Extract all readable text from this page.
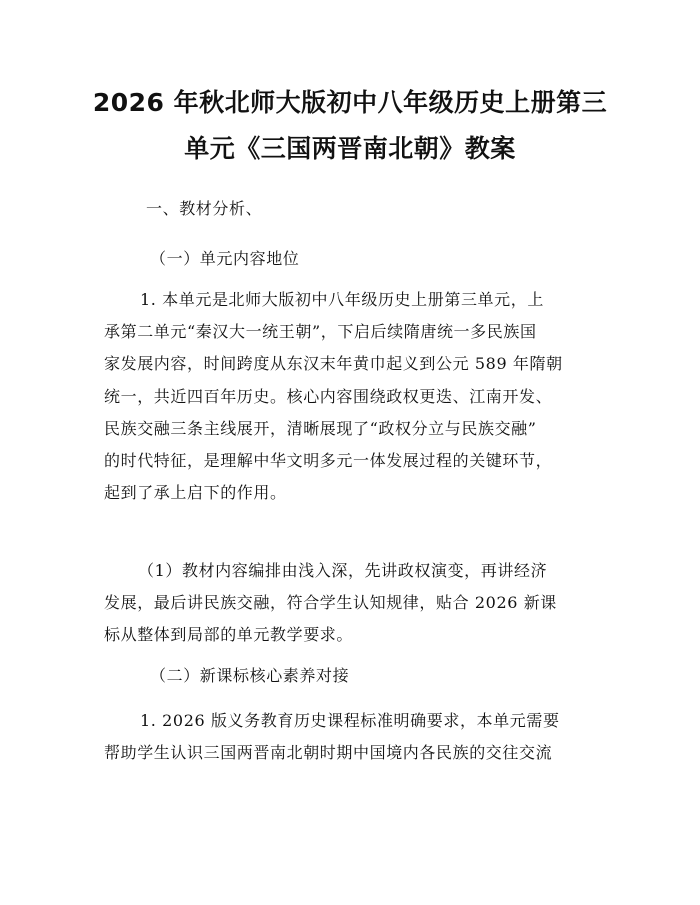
2026 年秋北师大版初中八年级历史上册第三
单元《三国两晋南北朝》教案
一、教材分析、
（一）单元内容地位
1. 本单元是北师大版初中八年级历史上册第三单元，上
承第二单元“秦汉大一统王朝”，下启后续隋唐统一多民族国
家发展内容，时间跨度从东汉末年黄巾起义到公元 589 年隋朝
统一，共近四百年历史。核心内容围绕政权更迭、江南开发、
民族交融三条主线展开，清晰展现了“政权分立与民族交融”
的时代特征，是理解中华文明多元一体发展过程的关键环节，
起到了承上启下的作用。
（1）教材内容编排由浅入深，先讲政权演变，再讲经济
发展，最后讲民族交融，符合学生认知规律，贴合 2026 新课
标从整体到局部的单元教学要求。
（二）新课标核心素养对接
1. 2026 版义务教育历史课程标准明确要求，本单元需要
帮助学生认识三国两晋南北朝时期中国境内各民族的交往交流
